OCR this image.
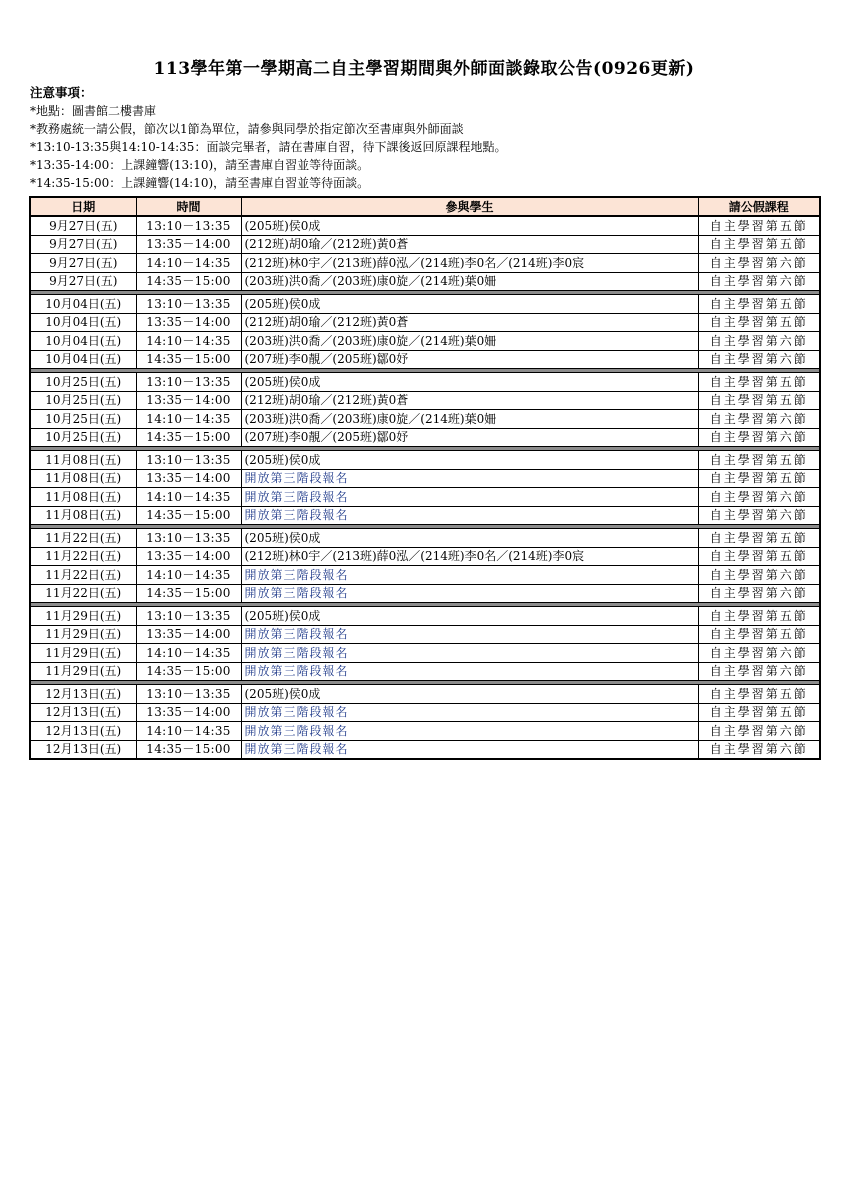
113學年第一學期高二自主學習期間與外師面談錄取公告(0926更新)
注意事項：
*地點：圖書館二樓書庫
*教務處統一請公假，節次以1節為單位，請參與同學於指定節次至書庫與外師面談
*13:10-13:35與14:10-14:35：面談完畢者，請在書庫自習，待下課後返回原課程地點。
*13:35-14:00：上課鐘響(13:10)，請至書庫自習並等待面談。
*14:35-15:00：上課鐘響(14:10)，請至書庫自習並等待面談。
日期	時間	參與學生	請公假課程
9月27日(五)	13:10－13:35	(205班)侯0成	自主學習第五節
9月27日(五)	13:35－14:00	(212班)胡0瑜／(212班)黃0蒼	自主學習第五節
9月27日(五)	14:10－14:35	(212班)林0宇／(213班)薛0泓／(214班)李0名／(214班)李0宸	自主學習第六節
9月27日(五)	14:35－15:00	(203班)洪0喬／(203班)康0旋／(214班)葉0姍	自主學習第六節

10月04日(五)	13:10－13:35	(205班)侯0成	自主學習第五節
10月04日(五)	13:35－14:00	(212班)胡0瑜／(212班)黃0蒼	自主學習第五節
10月04日(五)	14:10－14:35	(203班)洪0喬／(203班)康0旋／(214班)葉0姍	自主學習第六節
10月04日(五)	14:35－15:00	(207班)李0靚／(205班)鄒0妤	自主學習第六節

10月25日(五)	13:10－13:35	(205班)侯0成	自主學習第五節
10月25日(五)	13:35－14:00	(212班)胡0瑜／(212班)黃0蒼	自主學習第五節
10月25日(五)	14:10－14:35	(203班)洪0喬／(203班)康0旋／(214班)葉0姍	自主學習第六節
10月25日(五)	14:35－15:00	(207班)李0靚／(205班)鄒0妤	自主學習第六節

11月08日(五)	13:10－13:35	(205班)侯0成	自主學習第五節
11月08日(五)	13:35－14:00	開放第三階段報名	自主學習第五節
11月08日(五)	14:10－14:35	開放第三階段報名	自主學習第六節
11月08日(五)	14:35－15:00	開放第三階段報名	自主學習第六節

11月22日(五)	13:10－13:35	(205班)侯0成	自主學習第五節
11月22日(五)	13:35－14:00	(212班)林0宇／(213班)薛0泓／(214班)李0名／(214班)李0宸	自主學習第五節
11月22日(五)	14:10－14:35	開放第三階段報名	自主學習第六節
11月22日(五)	14:35－15:00	開放第三階段報名	自主學習第六節

11月29日(五)	13:10－13:35	(205班)侯0成	自主學習第五節
11月29日(五)	13:35－14:00	開放第三階段報名	自主學習第五節
11月29日(五)	14:10－14:35	開放第三階段報名	自主學習第六節
11月29日(五)	14:35－15:00	開放第三階段報名	自主學習第六節

12月13日(五)	13:10－13:35	(205班)侯0成	自主學習第五節
12月13日(五)	13:35－14:00	開放第三階段報名	自主學習第五節
12月13日(五)	14:10－14:35	開放第三階段報名	自主學習第六節
12月13日(五)	14:35－15:00	開放第三階段報名	自主學習第六節
